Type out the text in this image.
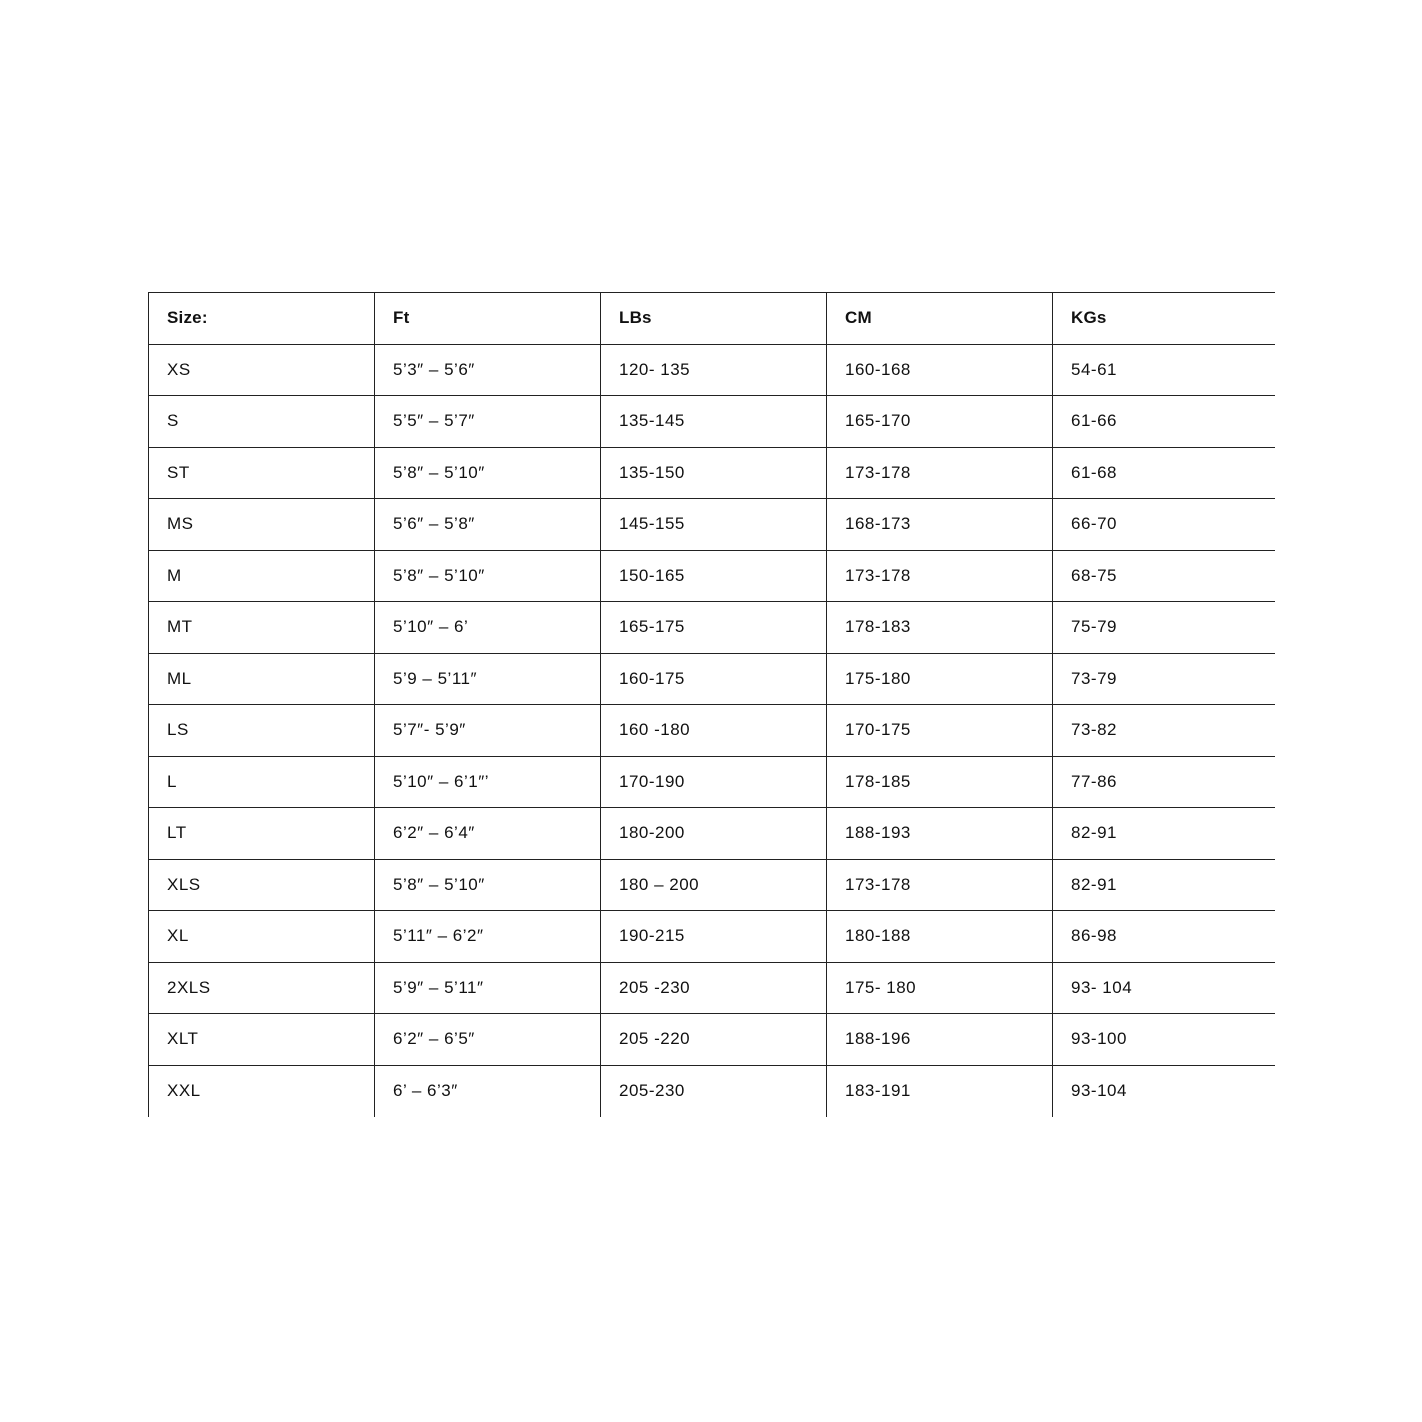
Size:	Ft	LBs	CM	KGs
XS	5’3″ – 5’6″	120- 135	160-168	54-61
S	5’5″ – 5’7″	135-145	165-170	61-66
ST	5’8″ – 5’10″	135-150	173-178	61-68
MS	5’6″ – 5’8″	145-155	168-173	66-70
M	5’8″ – 5’10″	150-165	173-178	68-75
MT	5’10″ – 6’	165-175	178-183	75-79
ML	5’9 – 5’11″	160-175	175-180	73-79
LS	5’7″- 5’9″	160 -180	170-175	73-82
L	5’10″ – 6’1″’	170-190	178-185	77-86
LT	6’2″ – 6’4″	180-200	188-193	82-91
XLS	5’8″ – 5’10″	180 – 200	173-178	82-91
XL	5’11″ – 6’2″	190-215	180-188	86-98
2XLS	5’9″ – 5’11″	205 -230	175- 180	93- 104
XLT	6’2″ – 6’5″	205 -220	188-196	93-100
XXL	6’ – 6’3″	205-230	183-191	93-104
